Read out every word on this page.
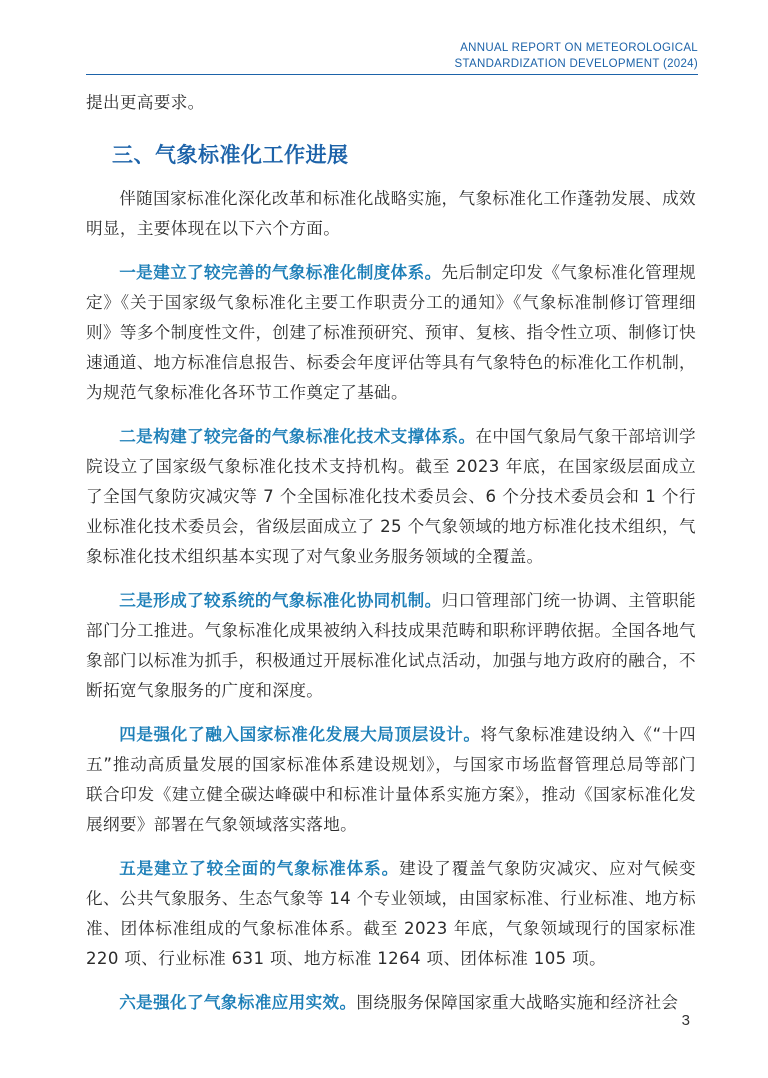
ANNUAL REPORT ON METEOROLOGICAL
STANDARDIZATION DEVELOPMENT (2024)

提出更高要求。

三、气象标准化工作进展

伴随国家标准化深化改革和标准化战略实施，气象标准化工作蓬勃发展、成效明显，主要体现在以下六个方面。

一是建立了较完善的气象标准化制度体系。先后制定印发《气象标准化管理规定》《关于国家级气象标准化主要工作职责分工的通知》《气象标准制修订管理细则》等多个制度性文件，创建了标准预研究、预审、复核、指令性立项、制修订快速通道、地方标准信息报告、标委会年度评估等具有气象特色的标准化工作机制，为规范气象标准化各环节工作奠定了基础。

二是构建了较完备的气象标准化技术支撑体系。在中国气象局气象干部培训学院设立了国家级气象标准化技术支持机构。截至 2023 年底，在国家级层面成立了全国气象防灾减灾等 7 个全国标准化技术委员会、6 个分技术委员会和 1 个行业标准化技术委员会，省级层面成立了 25 个气象领域的地方标准化技术组织，气象标准化技术组织基本实现了对气象业务服务领域的全覆盖。

三是形成了较系统的气象标准化协同机制。归口管理部门统一协调、主管职能部门分工推进。气象标准化成果被纳入科技成果范畴和职称评聘依据。全国各地气象部门以标准为抓手，积极通过开展标准化试点活动，加强与地方政府的融合，不断拓宽气象服务的广度和深度。

四是强化了融入国家标准化发展大局顶层设计。将气象标准建设纳入《“十四五”推动高质量发展的国家标准体系建设规划》，与国家市场监督管理总局等部门联合印发《建立健全碳达峰碳中和标准计量体系实施方案》，推动《国家标准化发展纲要》部署在气象领域落实落地。

五是建立了较全面的气象标准体系。建设了覆盖气象防灾减灾、应对气候变化、公共气象服务、生态气象等 14 个专业领域，由国家标准、行业标准、地方标准、团体标准组成的气象标准体系。截至 2023 年底，气象领域现行的国家标准 220 项、行业标准 631 项、地方标准 1264 项、团体标准 105 项。

六是强化了气象标准应用实效。围绕服务保障国家重大战略实施和经济社会

3
